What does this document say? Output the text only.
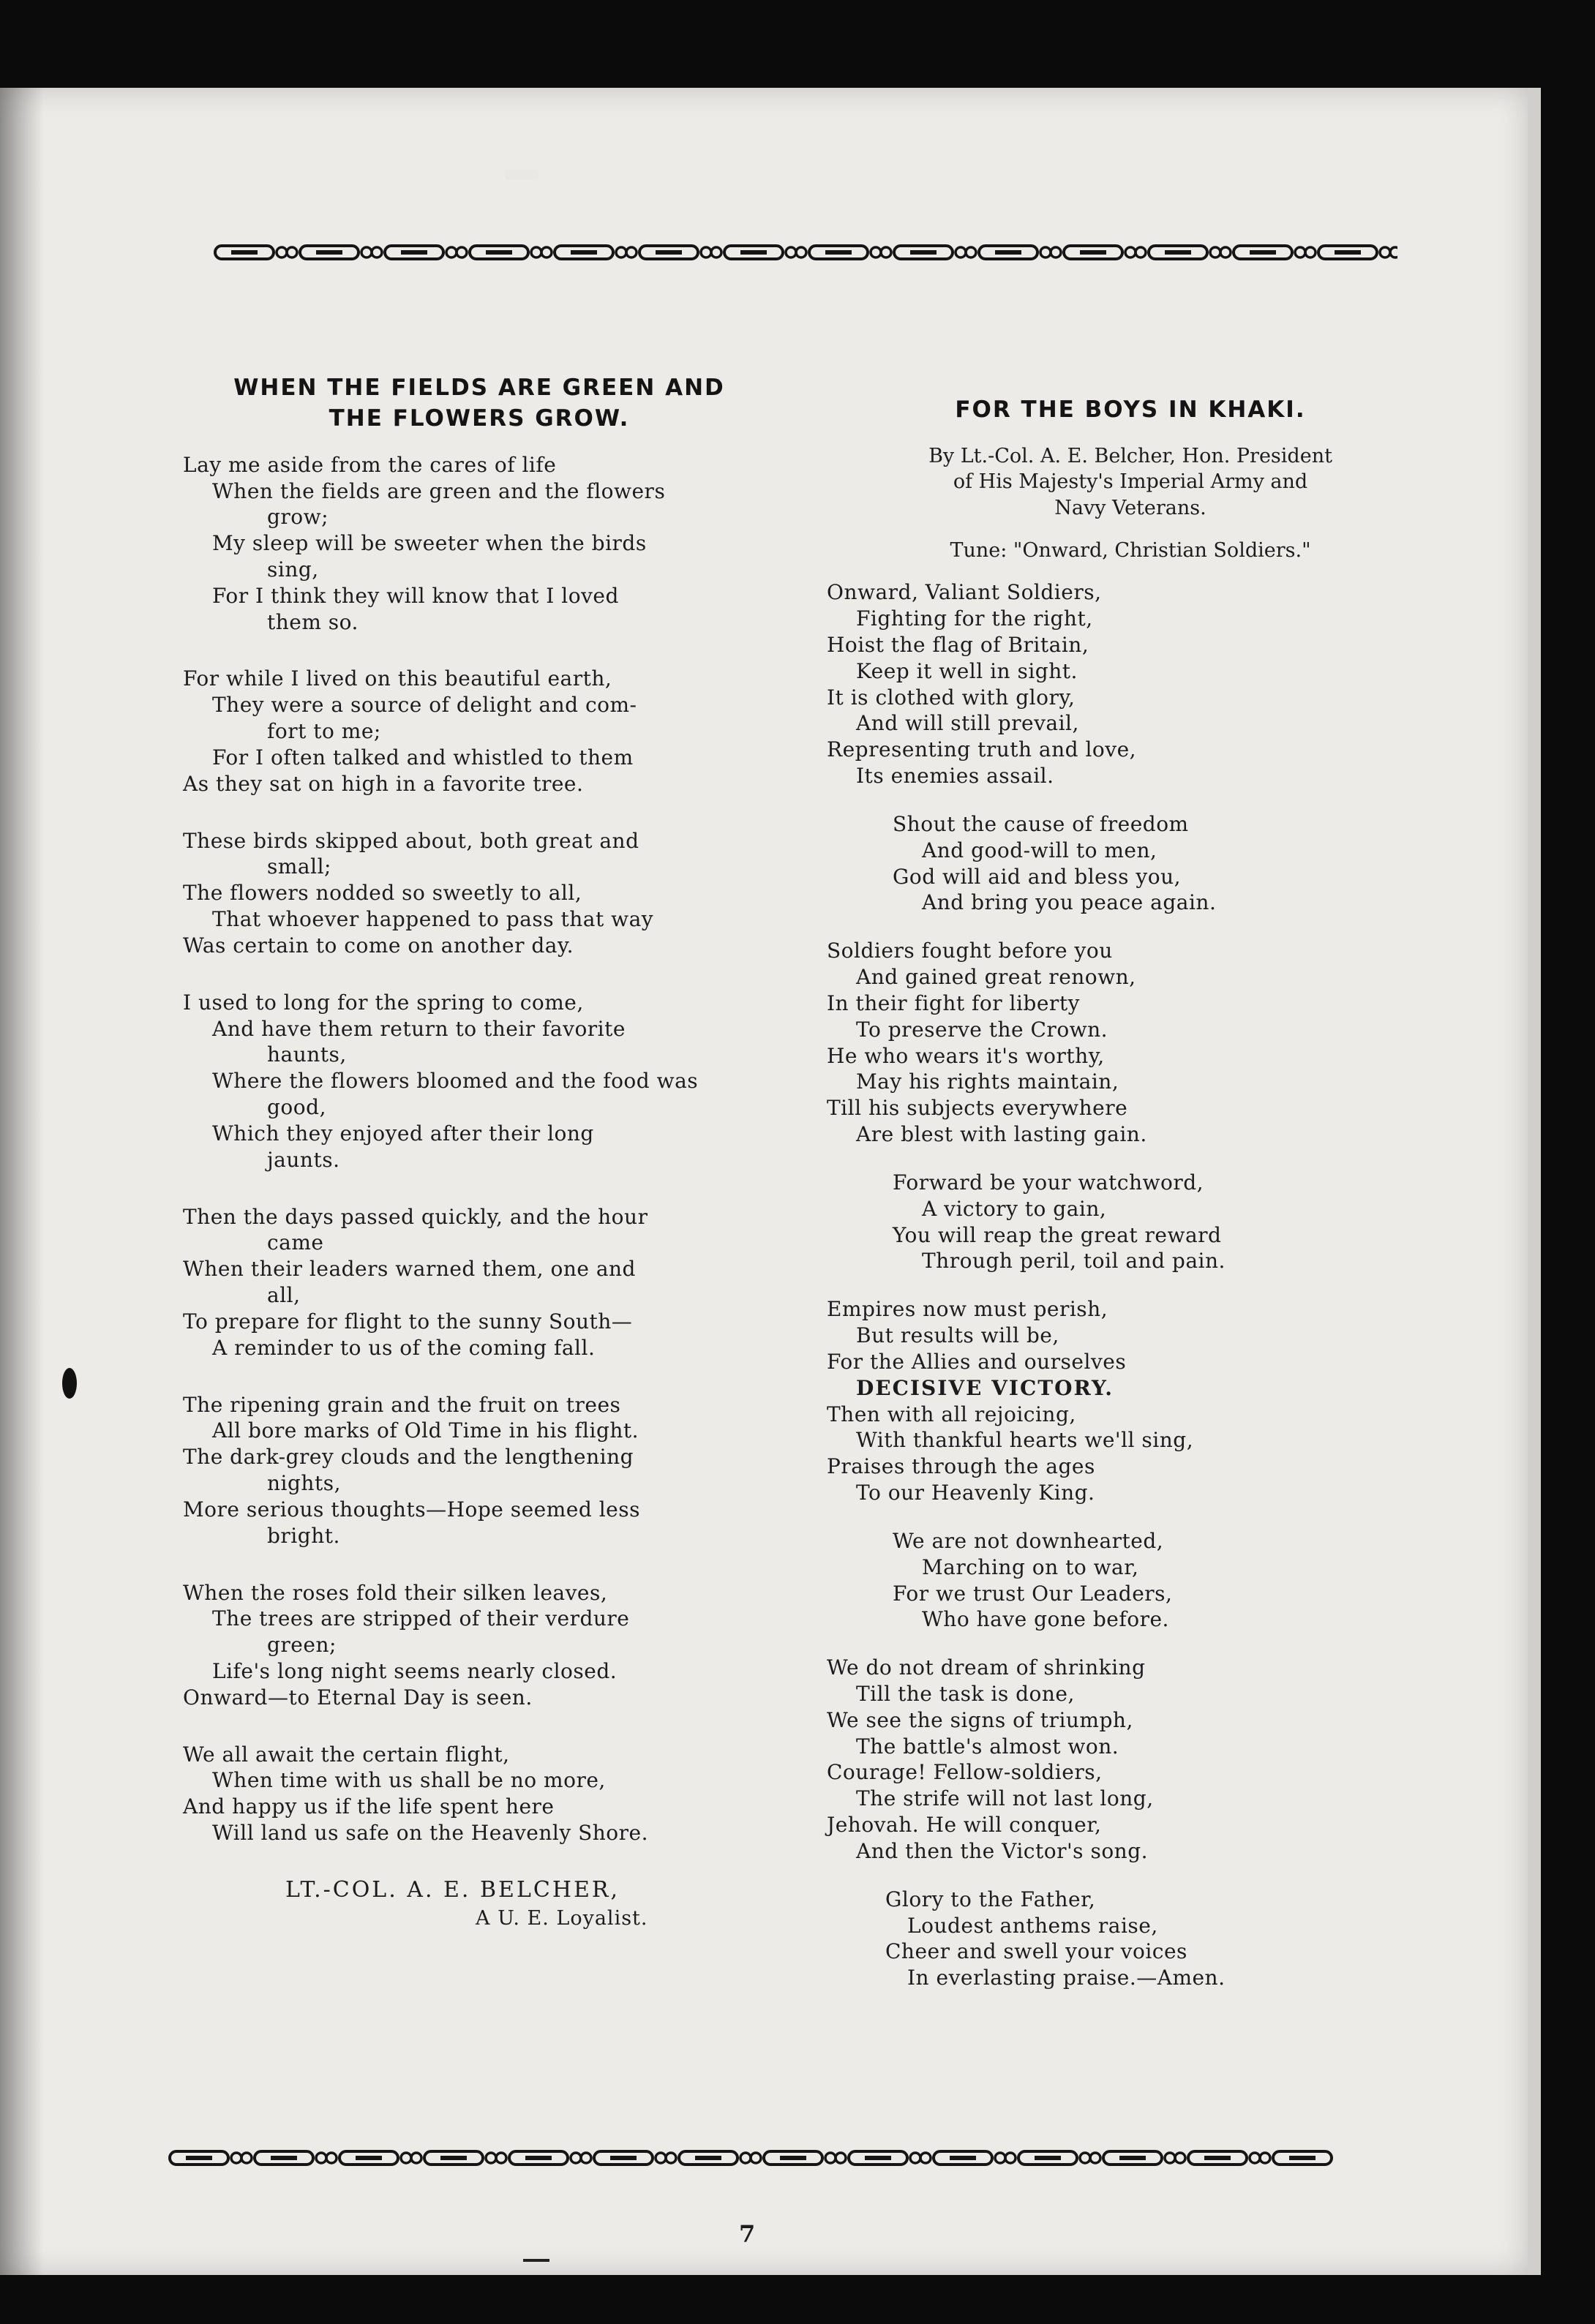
WHEN THE FIELDS ARE GREEN AND
THE FLOWERS GROW.
Lay me aside from the cares of life
When the fields are green and the flowers
grow;
My sleep will be sweeter when the birds
sing,
For I think they will know that I loved
them so.
For while I lived on this beautiful earth,
They were a source of delight and com-
fort to me;
For I often talked and whistled to them
As they sat on high in a favorite tree.
These birds skipped about, both great and
small;
The flowers nodded so sweetly to all,
That whoever happened to pass that way
Was certain to come on another day.
I used to long for the spring to come,
And have them return to their favorite
haunts,
Where the flowers bloomed and the food was
good,
Which they enjoyed after their long
jaunts.
Then the days passed quickly, and the hour
came
When their leaders warned them, one and
all,
To prepare for flight to the sunny South—
A reminder to us of the coming fall.
The ripening grain and the fruit on trees
All bore marks of Old Time in his flight.
The dark-grey clouds and the lengthening
nights,
More serious thoughts—Hope seemed less
bright.
When the roses fold their silken leaves,
The trees are stripped of their verdure
green;
Life's long night seems nearly closed.
Onward—to Eternal Day is seen.
We all await the certain flight,
When time with us shall be no more,
And happy us if the life spent here
Will land us safe on the Heavenly Shore.
LT.-COL. A. E. BELCHER,
A U. E. Loyalist.
FOR THE BOYS IN KHAKI.
By Lt.-Col. A. E. Belcher, Hon. President
of His Majesty's Imperial Army and
Navy Veterans.
Tune: "Onward, Christian Soldiers."
Onward, Valiant Soldiers,
Fighting for the right,
Hoist the flag of Britain,
Keep it well in sight.
It is clothed with glory,
And will still prevail,
Representing truth and love,
Its enemies assail.
Shout the cause of freedom
And good-will to men,
God will aid and bless you,
And bring you peace again.
Soldiers fought before you
And gained great renown,
In their fight for liberty
To preserve the Crown.
He who wears it's worthy,
May his rights maintain,
Till his subjects everywhere
Are blest with lasting gain.
Forward be your watchword,
A victory to gain,
You will reap the great reward
Through peril, toil and pain.
Empires now must perish,
But results will be,
For the Allies and ourselves
DECISIVE VICTORY.
Then with all rejoicing,
With thankful hearts we'll sing,
Praises through the ages
To our Heavenly King.
We are not downhearted,
Marching on to war,
For we trust Our Leaders,
Who have gone before.
We do not dream of shrinking
Till the task is done,
We see the signs of triumph,
The battle's almost won.
Courage! Fellow-soldiers,
The strife will not last long,
Jehovah. He will conquer,
And then the Victor's song.
Glory to the Father,
Loudest anthems raise,
Cheer and swell your voices
In everlasting praise.—Amen.
7
